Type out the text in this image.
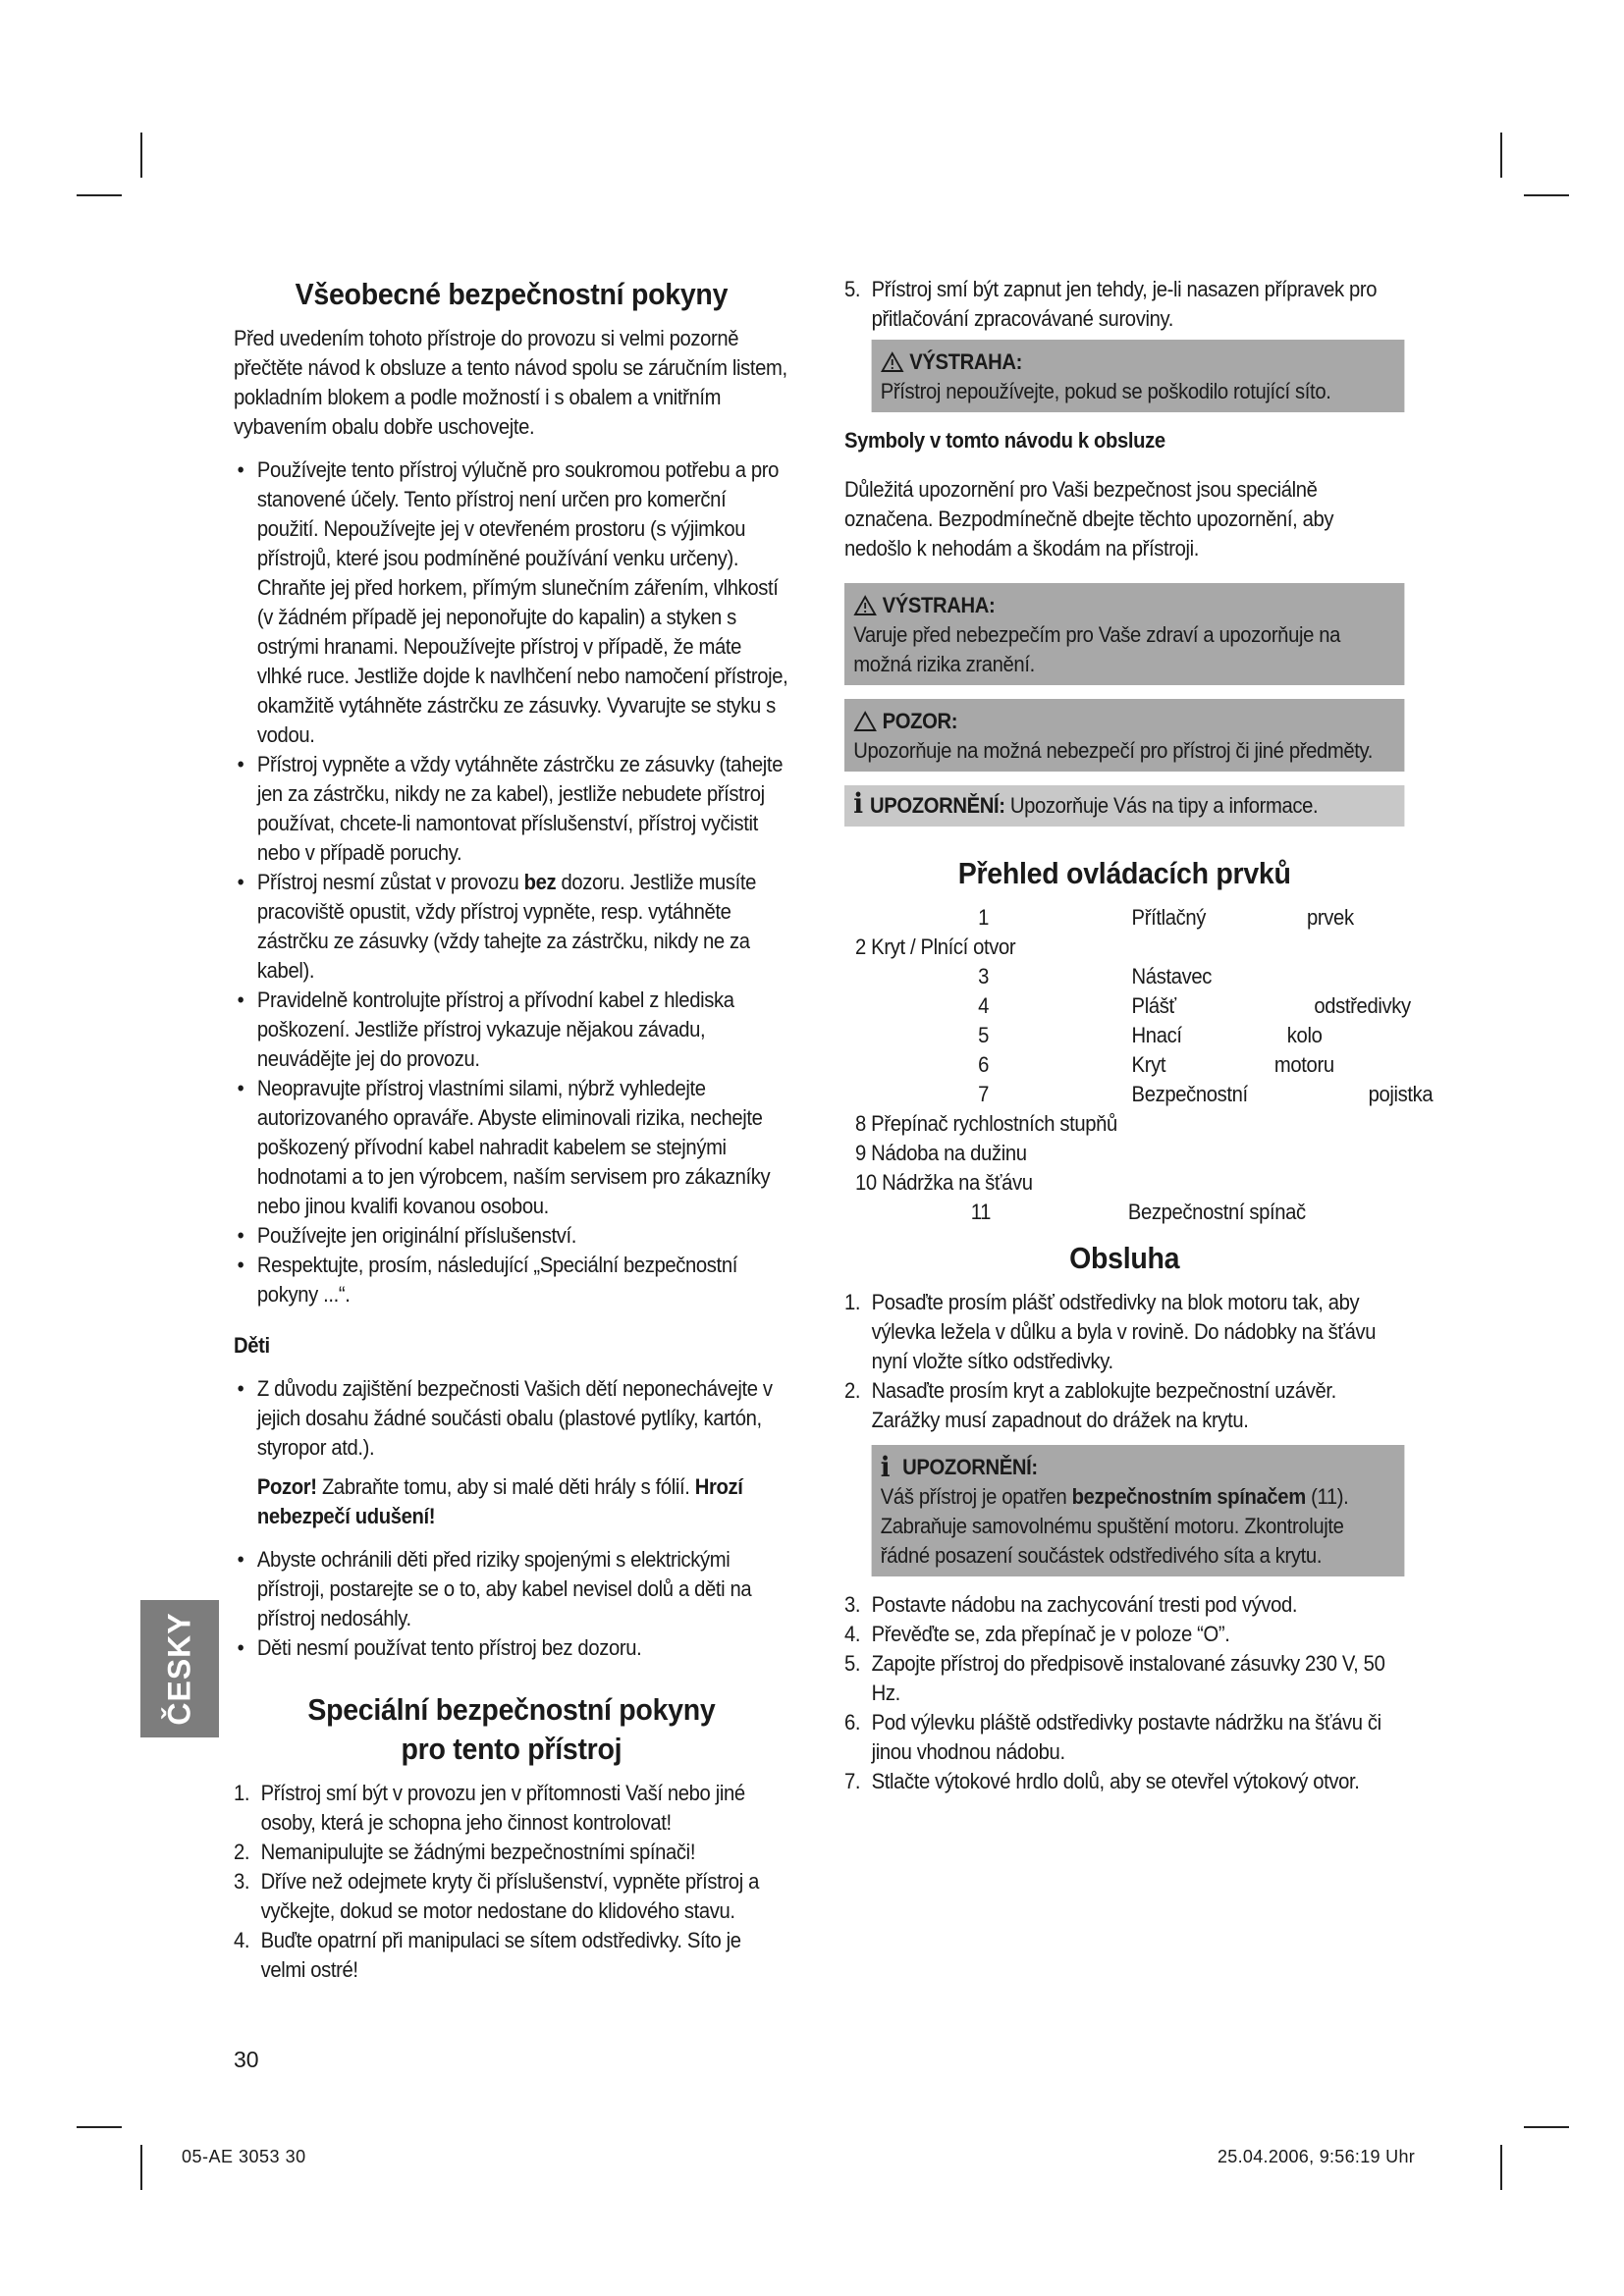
ČESKY
Všeobecné bezpečnostní pokyny

Před uvedením tohoto přístroje do provozu si velmi pozorně přečtěte návod k obsluze a tento návod spolu se záručním listem, pokladním blokem a podle možností i s obalem a vnitřním vybavením obalu dobře uschovejte.

• Používejte tento přístroj výlučně pro soukromou potřebu a pro stanovené účely. Tento přístroj není určen pro komerční použití. Nepoužívejte jej v otevřeném prostoru (s výjimkou přístrojů, které jsou podmíněné používání venku určeny). Chraňte jej před horkem, přímým slunečním zářením, vlhkostí (v žádném případě jej neponořujte do kapalin) a styken s ostrými hranami. Nepoužívejte přístroj v případě, že máte vlhké ruce. Jestliže dojde k navlhčení nebo namočení přístroje, okamžitě vytáhněte zástrčku ze zásuvky. Vyvarujte se styku s vodou.
• Přístroj vypněte a vždy vytáhněte zástrčku ze zásuvky (tahejte jen za zástrčku, nikdy ne za kabel), jestliže nebudete přístroj používat, chcete-li namontovat příslušenství, přístroj vyčistit nebo v případě poruchy.
• Přístroj nesmí zůstat v provozu bez dozoru. Jestliže musíte pracoviště opustit, vždy přístroj vypněte, resp. vytáhněte zástrčku ze zásuvky (vždy tahejte za zástrčku, nikdy ne za kabel).
• Pravidelně kontrolujte přístroj a přívodní kabel z hlediska poškození. Jestliže přístroj vykazuje nějakou závadu, neuvádějte jej do provozu.
• Neopravujte přístroj vlastními silami, nýbrž vyhledejte autorizovaného opraváře. Abyste eliminovali rizika, nechejte poškozený přívodní kabel nahradit kabelem se stejnými hodnotami a to jen výrobcem, naším servisem pro zákazníky nebo jinou kvalifi kovanou osobou.
• Používejte jen originální příslušenství.
• Respektujte, prosím, následující „Speciální bezpečnostní pokyny ...“.
Děti
• Z důvodu zajištění bezpečnosti Vašich dětí neponechávejte v jejich dosahu žádné součásti obalu (plastové pytlíky, kartón, styropor atd.).

Pozor! Zabraňte tomu, aby si malé děti hrály s fólií. Hrozí nebezpečí udušení!

• Abyste ochránili děti před riziky spojenými s elektrickými přístroji, postarejte se o to, aby kabel nevisel dolů a děti na přístroj nedosáhly.
• Děti nesmí používat tento přístroj bez dozoru.
Speciální bezpečnostní pokyny
pro tento přístroj
1. Přístroj smí být v provozu jen v přítomnosti Vaší nebo jiné osoby, která je schopna jeho činnost kontrolovat!
2. Nemanipulujte se žádnými bezpečnostními spínači!
3. Dříve než odejmete kryty či příslušenství, vypněte přístroj a vyčkejte, dokud se motor nedostane do klidového stavu.
4. Buďte opatrní při manipulaci se sítem odstředivky. Síto je velmi ostré!
5. Přístroj smí být zapnut jen tehdy, je-li nasazen přípravek pro přitlačování zpracovávané suroviny.
VÝSTRAHA:

Přístroj nepoužívejte, pokud se poškodilo rotující síto.

Symboly v tomto návodu k obsluze

Důležitá upozornění pro Vaši bezpečnost jsou speciálně označena. Bezpodmínečně dbejte těchto upozornění, aby nedošlo k nehodám a škodám na přístroji.

VÝSTRAHA:

Varuje před nebezpečím pro Vaše zdraví a upozorňuje na možná rizika zranění.

POZOR:

Upozorňuje na možná nebezpečí pro přístroj či jiné předměty.

i UPOZORNĚNÍ: Upozorňuje Vás na tipy a informace.
Přehled ovládacích prvků
1	Přítlačný	prvek
2 Kryt / Plnící otvor
3	Nástavec
4	Plášť	odstředivky
5	Hnací	kolo
6	Kryt	motoru
7	Bezpečnostní	pojistka
8 Přepínač rychlostních stupňů
9 Nádoba na dužinu
10 Nádržka na šťávu
11	Bezpečnostní spínač
Obsluha
1. Posaďte prosím plášť odstředivky na blok motoru tak, aby výlevka ležela v důlku a byla v rovině. Do nádobky na šťávu nyní vložte sítko odstředivky.
2. Nasaďte prosím kryt a zablokujte bezpečnostní uzávěr. Zarážky musí zapadnout do drážek na krytu.
i UPOZORNĚNÍ:

Váš přístroj je opatřen bezpečnostním spínačem (11). Zabraňuje samovolnému spuštění motoru. Zkontrolujte řádné posazení součástek odstředivého síta a krytu.

3. Postavte nádobu na zachycování tresti pod vývod.
4. Převěďte se, zda přepínač je v poloze “O”.
5. Zapojte přístroj do předpisově instalované zásuvky 230 V, 50 Hz.
6. Pod výlevku pláště odstředivky postavte nádržku na šťávu či jinou vhodnou nádobu.
7. Stlačte výtokové hrdlo dolů, aby se otevřel výtokový otvor.
30
05-AE 3053 30	25.04.2006, 9:56:19 Uhr
